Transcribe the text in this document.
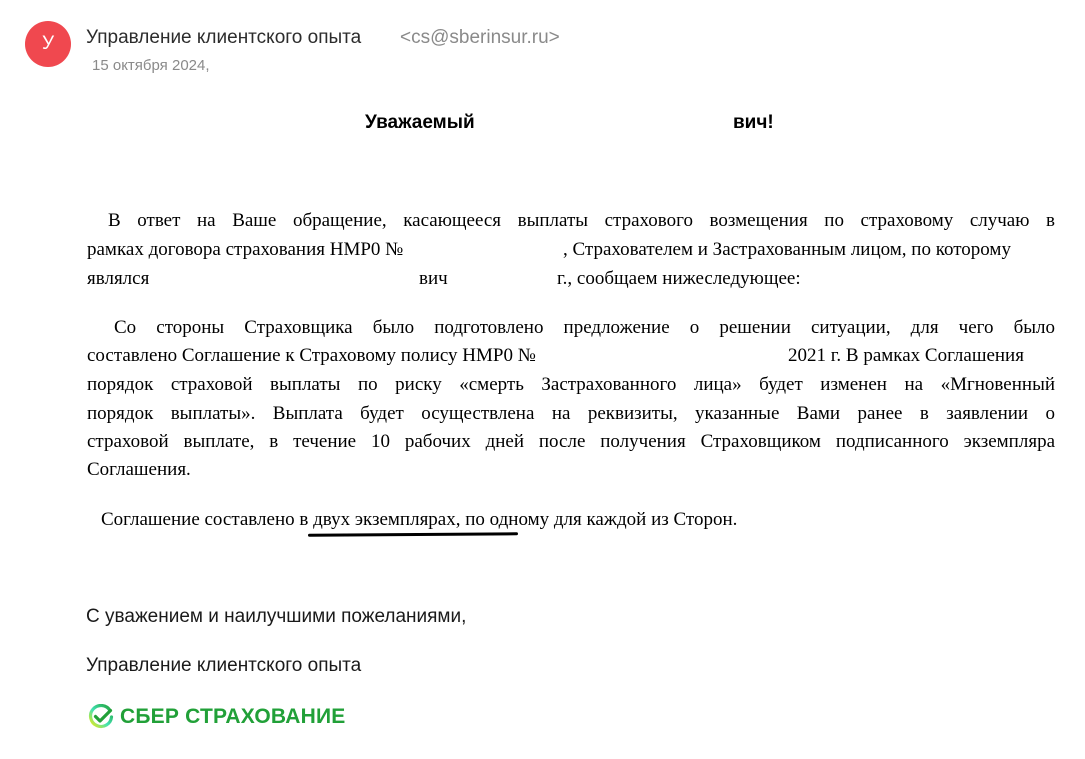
У Управление клиентского опыта <cs@sberinsur.ru>
15 октября 2024,
Уважаемый	вич!
В ответ на Ваше обращение, касающееся выплаты страхового возмещения по страховому случаю в
рамках договора страхования НМР0 №	, Страхователем и Застрахованным лицом, по которому
являлся	вич	г., сообщаем нижеследующее:
Со стороны Страховщика было подготовлено предложение о решении ситуации, для чего было
составлено Соглашение к Страховому полису НМР0 №	2021 г. В рамках Соглашения
порядок страховой выплаты по риску «смерть Застрахованного лица» будет изменен на «Мгновенный
порядок выплаты». Выплата будет осуществлена на реквизиты, указанные Вами ранее в заявлении о
страховой выплате, в течение 10 рабочих дней после получения Страховщиком подписанного экземпляра
Соглашения.
Соглашение составлено в двух экземплярах, по одному для каждой из Сторон.
С уважением и наилучшими пожеланиями,
Управление клиентского опыта
СБЕР СТРАХОВАНИЕ
